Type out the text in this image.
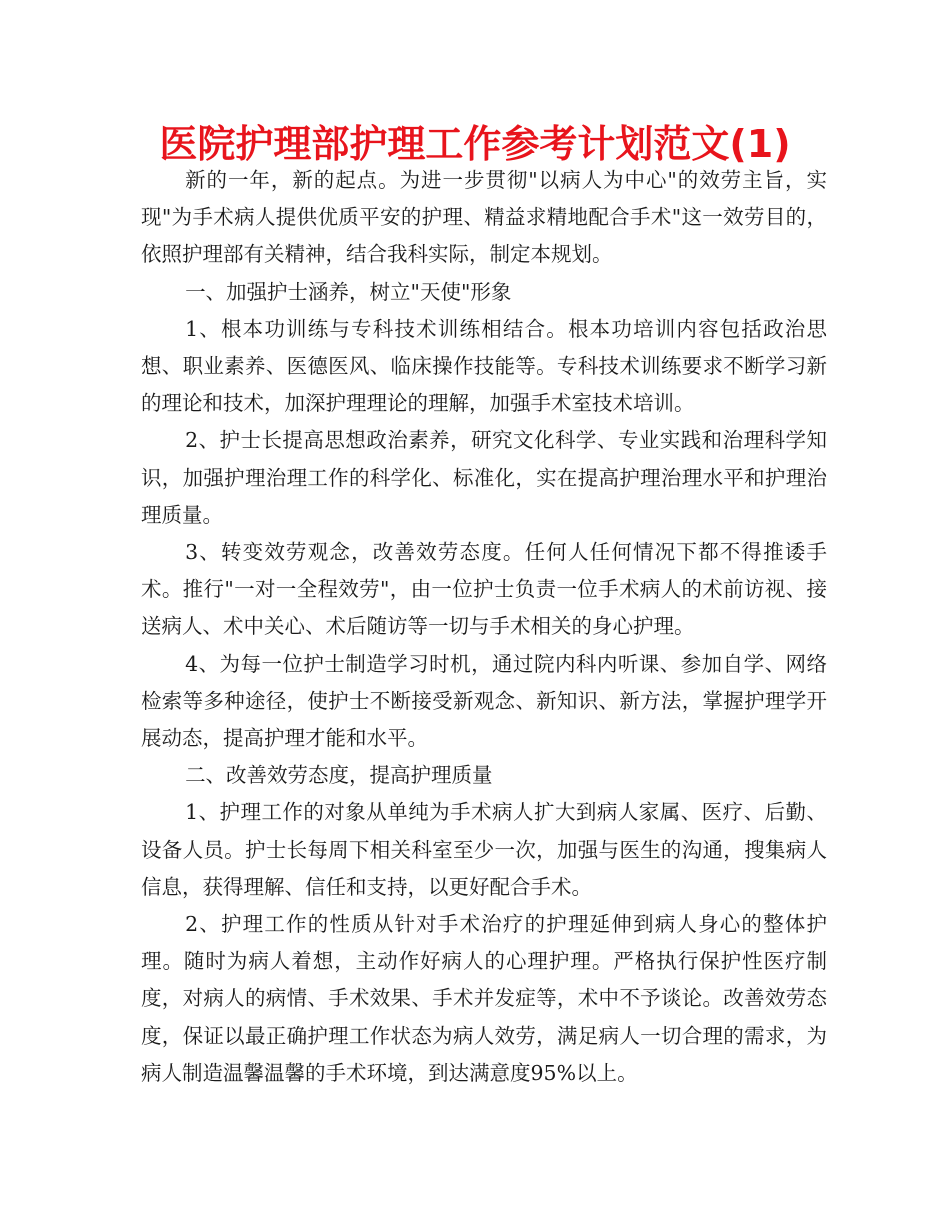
医院护理部护理工作参考计划范文(1)

新的一年，新的起点。为进一步贯彻"以病人为中心"的效劳主旨，实现"为手术病人提供优质平安的护理、精益求精地配合手术"这一效劳目的，依照护理部有关精神，结合我科实际，制定本规划。

一、加强护士涵养，树立"天使"形象

1、根本功训练与专科技术训练相结合。根本功培训内容包括政治思想、职业素养、医德医风、临床操作技能等。专科技术训练要求不断学习新的理论和技术，加深护理理论的理解，加强手术室技术培训。

2、护士长提高思想政治素养，研究文化科学、专业实践和治理科学知识，加强护理治理工作的科学化、标准化，实在提高护理治理水平和护理治理质量。

3、转变效劳观念，改善效劳态度。任何人任何情况下都不得推诿手术。推行"一对一全程效劳"，由一位护士负责一位手术病人的术前访视、接送病人、术中关心、术后随访等一切与手术相关的身心护理。

4、为每一位护士制造学习时机，通过院内科内听课、参加自学、网络检索等多种途径，使护士不断接受新观念、新知识、新方法，掌握护理学开展动态，提高护理才能和水平。

二、改善效劳态度，提高护理质量

1、护理工作的对象从单纯为手术病人扩大到病人家属、医疗、后勤、设备人员。护士长每周下相关科室至少一次，加强与医生的沟通，搜集病人信息，获得理解、信任和支持，以更好配合手术。

2、护理工作的性质从针对手术治疗的护理延伸到病人身心的整体护理。随时为病人着想，主动作好病人的心理护理。严格执行保护性医疗制度，对病人的病情、手术效果、手术并发症等，术中不予谈论。改善效劳态度，保证以最正确护理工作状态为病人效劳，满足病人一切合理的需求，为病人制造温馨温馨的手术环境，到达满意度95%以上。
